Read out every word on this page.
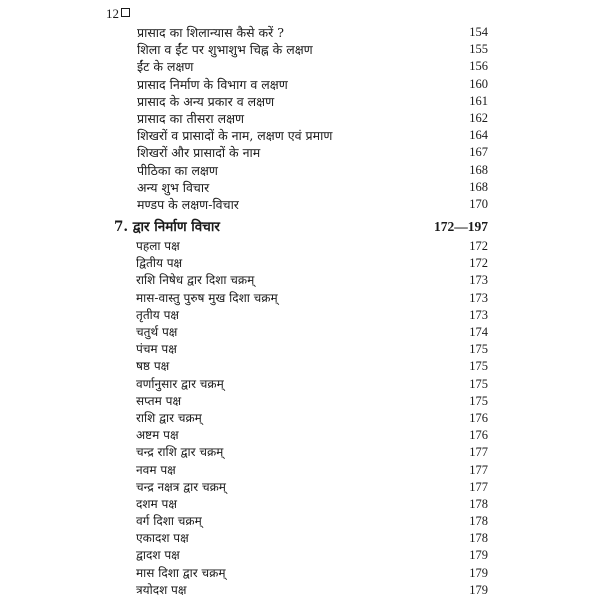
12
प्रासाद का शिलान्यास कैसे करें ?	154
शिला व ईंट पर शुभाशुभ चिह्न के लक्षण	155
ईंट के लक्षण	156
प्रासाद निर्माण के विभाग व लक्षण	160
प्रासाद के अन्य प्रकार व लक्षण	161
प्रासाद का तीसरा लक्षण	162
शिखरों व प्रासादों के नाम, लक्षण एवं प्रमाण	164
शिखरों और प्रासादों के नाम	167
पीठिका का लक्षण	168
अन्य शुभ विचार	168
मण्डप के लक्षण-विचार	170
7. द्वार निर्माण विचार	172—197
पहला पक्ष	172
द्वितीय पक्ष	172
राशि निषेध द्वार दिशा चक्रम्	173
मास-वास्तु पुरुष मुख दिशा चक्रम्	173
तृतीय पक्ष	173
चतुर्थ पक्ष	174
पंचम पक्ष	175
षष्ठ पक्ष	175
वर्णानुसार द्वार चक्रम्	175
सप्तम पक्ष	175
राशि द्वार चक्रम्	176
अष्टम पक्ष	176
चन्द्र राशि द्वार चक्रम्	177
नवम पक्ष	177
चन्द्र नक्षत्र द्वार चक्रम्	177
दशम पक्ष	178
वर्ग दिशा चक्रम्	178
एकादश पक्ष	178
द्वादश पक्ष	179
मास दिशा द्वार चक्रम्	179
त्रयोदश पक्ष	179
